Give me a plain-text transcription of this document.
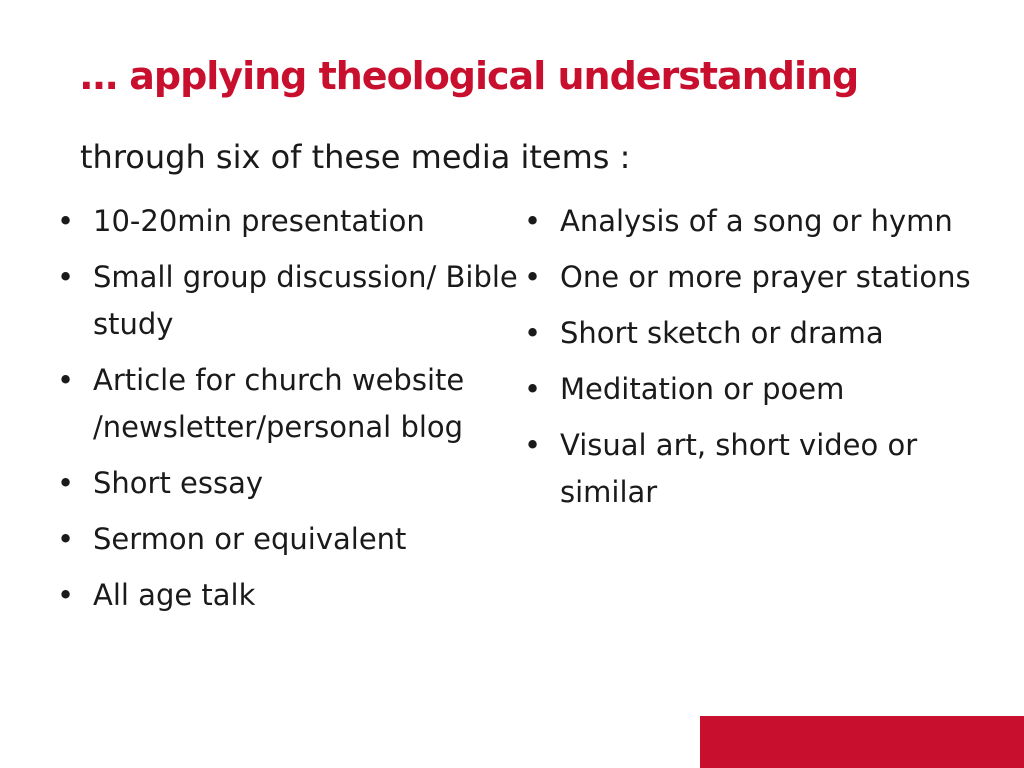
… applying theological understanding

through six of these media items :

• 10-20min presentation
• Small group discussion/ Bible study
• Article for church website /newsletter/personal blog
• Short essay
• Sermon or equivalent
• All age talk
• Analysis of a song or hymn
• One or more prayer stations
• Short sketch or drama
• Meditation or poem
• Visual art, short video or similar
